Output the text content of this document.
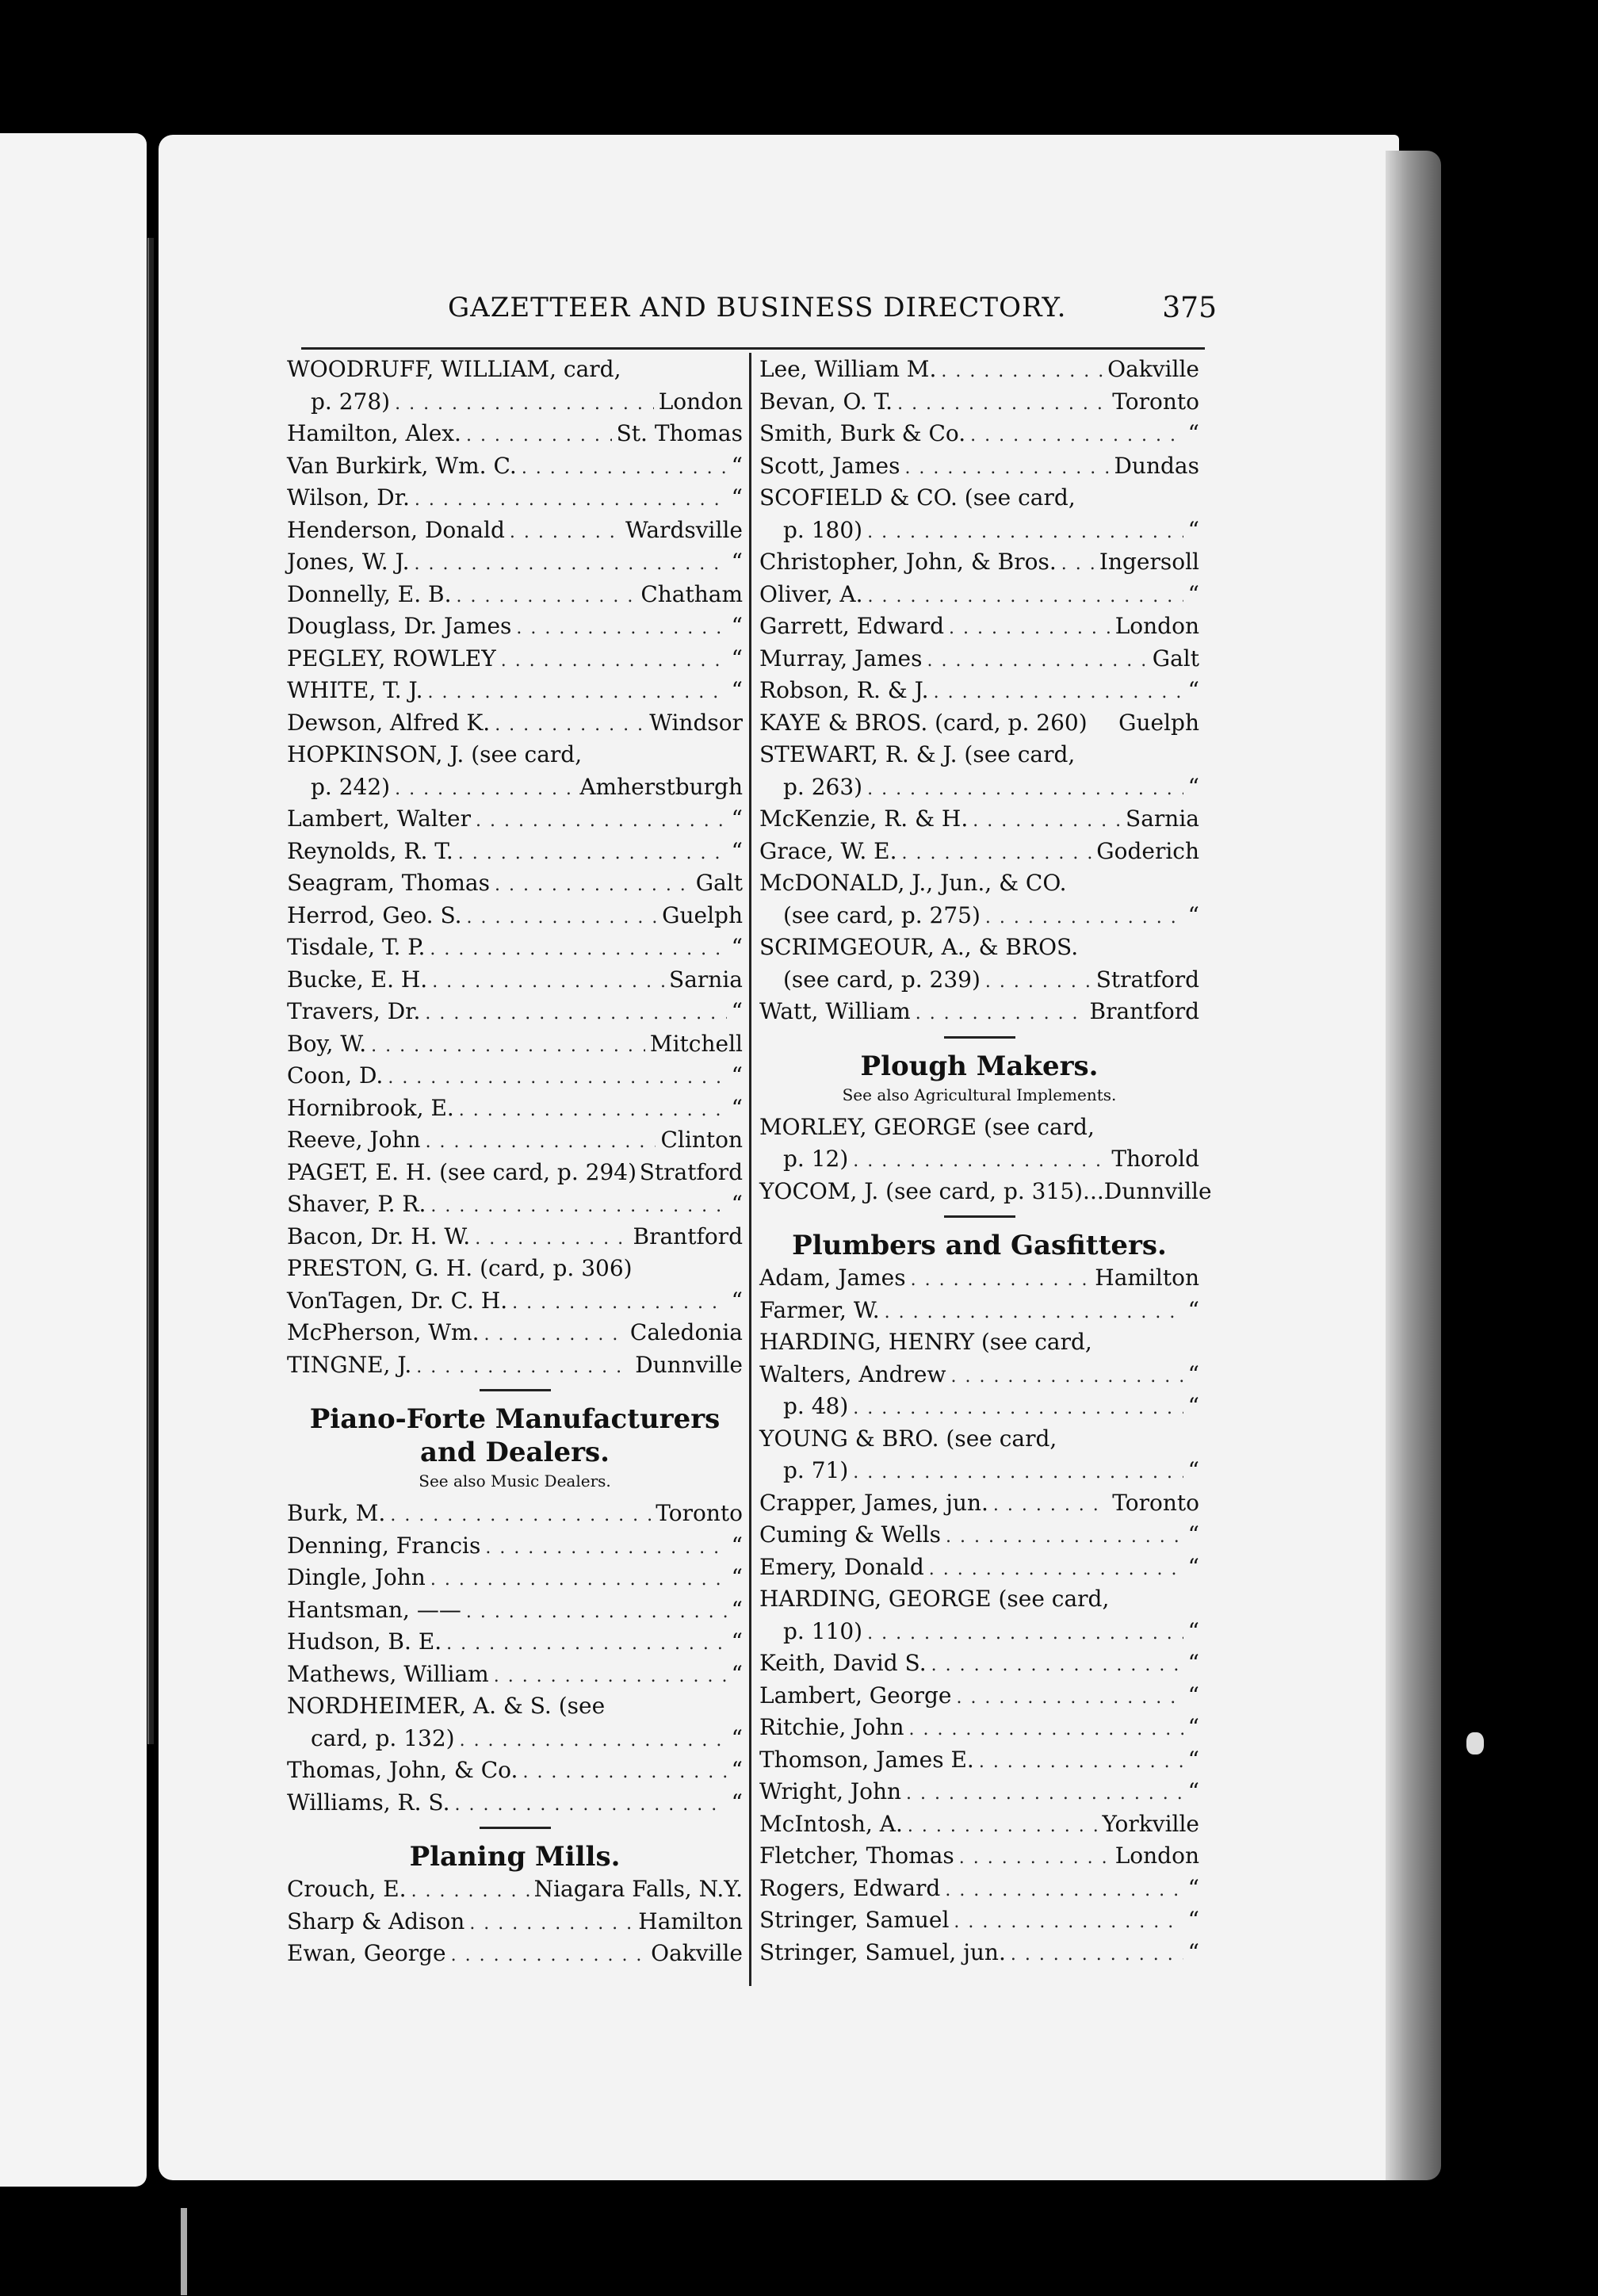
GAZETTEER AND BUSINESS DIRECTORY.	375
WOODRUFF, WILLIAM, card,
p. 278) . . .	London
Hamilton, Alex. . . .	St. Thomas
Van Burkirk, Wm. C. . . .	“
Wilson, Dr. . . .	“
Henderson, Donald . . .	Wardsville
Jones, W. J. . . .	“
Donnelly, E. B. . . .	Chatham
Douglass, Dr. James . . .	“
PEGLEY, ROWLEY . . .	“
WHITE, T. J. . . .	“
Dewson, Alfred K. . . .	Windsor
HOPKINSON, J. (see card,
p. 242) . . .	Amherstburgh
Lambert, Walter . . .	“
Reynolds, R. T. . . .	“
Seagram, Thomas . . .	Galt
Herrod, Geo. S. . . .	Guelph
Tisdale, T. P. . . .	“
Bucke, E. H. . . .	Sarnia
Travers, Dr. . . .	“
Boy, W. . . .	Mitchell
Coon, D. . . .	“
Hornibrook, E. . . .	“
Reeve, John . . .	Clinton
PAGET, E. H. (see card, p. 294) Stratford
Shaver, P. R. . . .	“
Bacon, Dr. H. W. . . .	Brantford
PRESTON, G. H. (card, p. 306)
VonTagen, Dr. C. H. . . .	“
McPherson, Wm. . . .	Caledonia
TINGNE, J. . . .	Dunnville
Piano-Forte Manufacturers and Dealers.
See also Music Dealers.
Burk, M. . . .	Toronto
Denning, Francis . . .	“
Dingle, John . . .	“
Hantsman, —— . . .	“
Hudson, B. E. . . .	“
Mathews, William . . .	“
NORDHEIMER, A. & S. (see
card, p. 132) . . .	“
Thomas, John, & Co. . . .	“
Williams, R. S. . . .	“
Planing Mills.
Crouch, E. . . .	Niagara Falls, N.Y.
Sharp & Adison . . .	Hamilton
Ewan, George . . .	Oakville
Lee, William M. . . .	Oakville
Bevan, O. T. . . .	Toronto
Smith, Burk & Co. . . .	“
Scott, James . . .	Dundas
SCOFIELD & CO. (see card,
p. 180) . . .	“
Christopher, John, & Bros. . . . Ingersoll
Oliver, A. . . .	“
Garrett, Edward . . .	London
Murray, James . . .	Galt
Robson, R. & J. . . .	“
KAYE & BROS. (card, p. 260) Guelph
STEWART, R. & J. (see card,
p. 263) . . .	“
McKenzie, R. & H. . . .	Sarnia
Grace, W. E. . . .	Goderich
McDONALD, J., Jun., & CO.
(see card, p. 275) . . .	“
SCRIMGEOUR, A., & BROS.
(see card, p. 239) . . .	Stratford
Watt, William . . .	Brantford
Plough Makers.
See also Agricultural Implements.
MORLEY, GEORGE (see card,
p. 12) . . .	Thorold
YOCOM, J. (see card, p. 315)... Dunnville
Plumbers and Gasfitters.
Adam, James . . .	Hamilton
Farmer, W. . . .	“
HARDING, HENRY (see card,
Walters, Andrew . . .	“
p. 48) . . .	“
YOUNG & BRO. (see card,
p. 71) . . .	“
Crapper, James, jun. . . .	Toronto
Cuming & Wells . . .	“
Emery, Donald . . .	“
HARDING, GEORGE (see card,
p. 110) . . .	“
Keith, David S. . . .	“
Lambert, George . . .	“
Ritchie, John . . .	“
Thomson, James E. . . .	“
Wright, John . . .	“
McIntosh, A. . . .	Yorkville
Fletcher, Thomas . . .	London
Rogers, Edward . . .	“
Stringer, Samuel . . .	“
Stringer, Samuel, jun. . . .	“
